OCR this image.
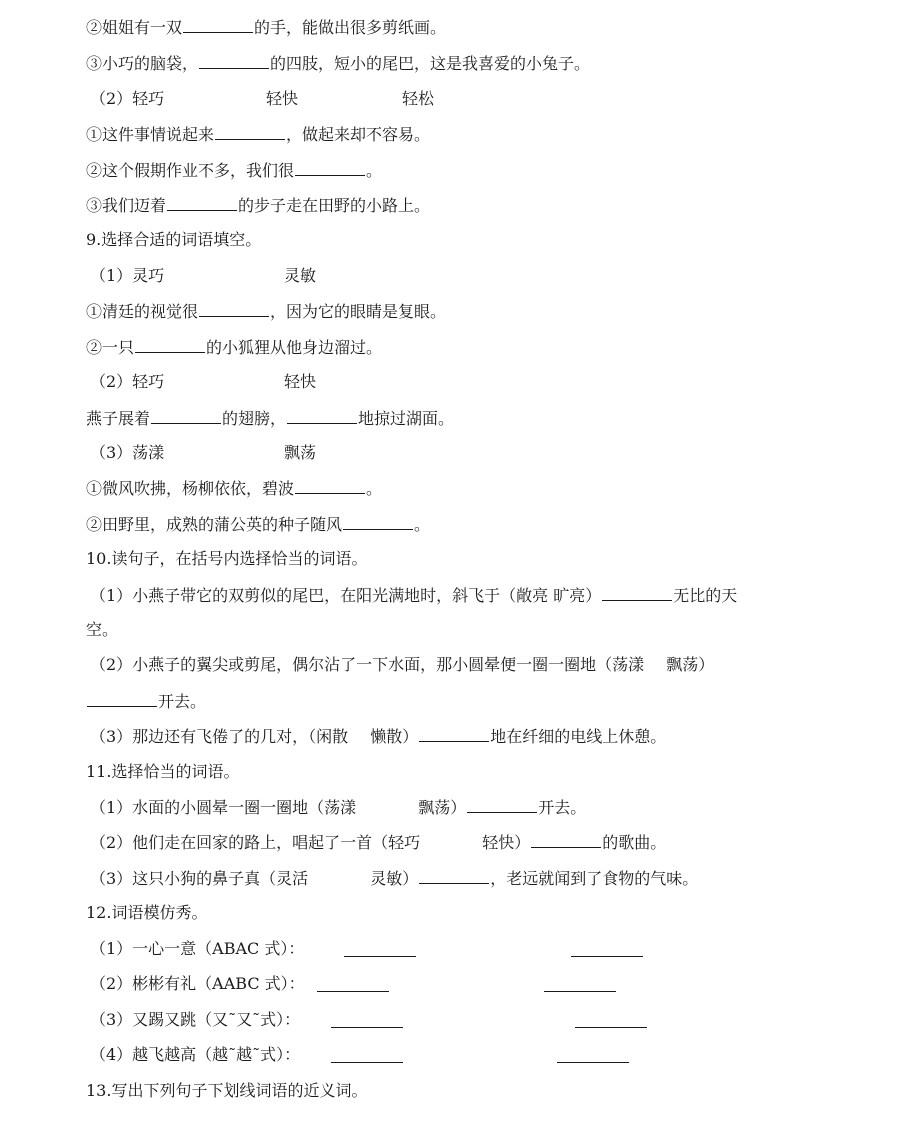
②姐姐有一双	的手，能做出很多剪纸画。
③小巧的脑袋，	的四肢，短小的尾巴，这是我喜爱的小兔子。
（2）轻巧	轻快	轻松
①这件事情说起来	，做起来却不容易。
②这个假期作业不多，我们很	。
③我们迈着	的步子走在田野的小路上。
9.选择合适的词语填空。
（1）灵巧	灵敏
①清廷的视觉很	，因为它的眼睛是复眼。
②一只	的小狐狸从他身边溜过。
（2）轻巧	轻快
燕子展着	的翅膀，	地掠过湖面。
（3）荡漾	飘荡
①微风吹拂，杨柳依依，碧波	。
②田野里，成熟的蒲公英的种子随风	。
10.读句子，在括号内选择恰当的词语。
（1）小燕子带它的双剪似的尾巴，在阳光满地时，斜飞于（敞亮 旷亮）	无比的天
空。
（2）小燕子的翼尖或剪尾，偶尔沾了一下水面，那小圆晕便一圈一圈地（荡漾 飘荡）
开去。
（3）那边还有飞倦了的几对，（闲散 懒散）	地在纤细的电线上休憩。
11.选择恰当的词语。
（1）水面的小圆晕一圈一圈地（荡漾	飘荡）	开去。
（2）他们走在回家的路上，唱起了一首（轻巧	轻快）	的歌曲。
（3）这只小狗的鼻子真（灵活	灵敏）	，老远就闻到了食物的气味。
12.词语模仿秀。
（1）一心一意（ABAC 式）：
（2）彬彬有礼（AABC 式）：
（3）又踢又跳（又˜又˜式）：
（4）越飞越高（越˜越˜式）：
13.写出下列句子下划线词语的近义词。
